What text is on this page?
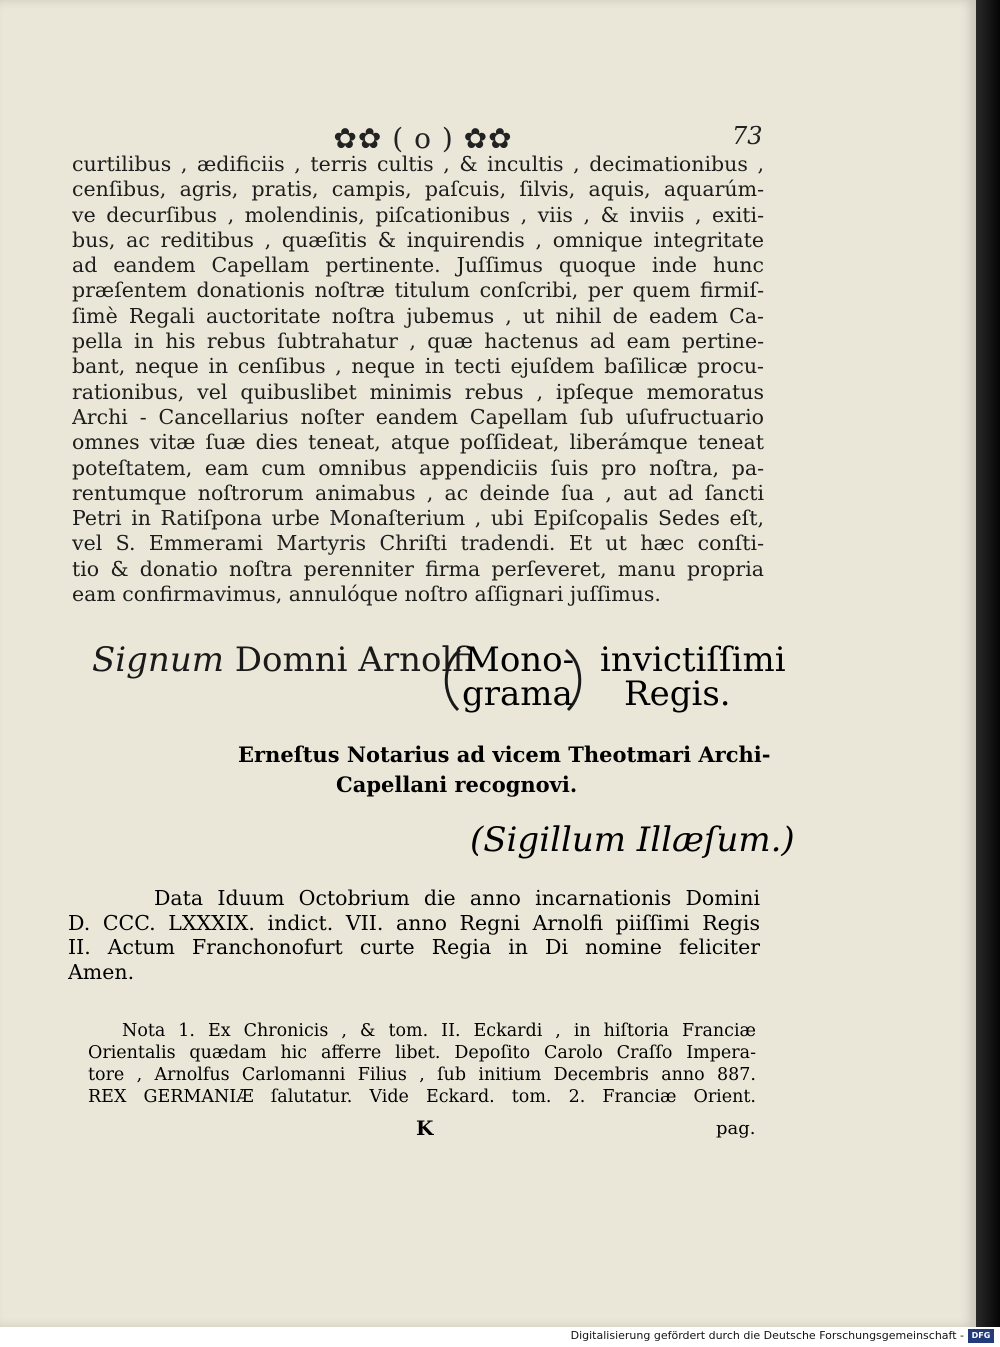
✿✿ ( o ) ✿✿	73
curtilibus , ædificiis , terris cultis , & incultis , decimationibus ,
cenſibus, agris, pratis, campis, paſcuis, ſilvis, aquis, aquarúm-
ve decurſibus , molendinis, piſcationibus , viis , & inviis , exiti-
bus, ac reditibus , quæſitis & inquirendis , omnique integritate
ad eandem Capellam pertinente. Juſſimus quoque inde hunc
præſentem donationis noſtræ titulum conſcribi, per quem firmiſ-
ſimè Regali auctoritate noſtra jubemus , ut nihil de eadem Ca-
pella in his rebus ſubtrahatur , quæ hactenus ad eam pertine-
bant, neque in cenſibus , neque in tecti ejuſdem baſilicæ procu-
rationibus, vel quibuslibet minimis rebus , ipſeque memoratus
Archi - Cancellarius noſter eandem Capellam ſub uſufructuario
omnes vitæ ſuæ dies teneat, atque poſſideat, liberámque teneat
poteſtatem, eam cum omnibus appendiciis ſuis pro noſtra, pa-
rentumque noſtrorum animabus , ac deinde ſua , aut ad ſancti
Petri in Ratiſpona urbe Monaſterium , ubi Epiſcopalis Sedes eſt,
vel S. Emmerami Martyris Chriſti tradendi. Et ut hæc conſti-
tio & donatio noſtra perenniter firma perſeveret, manu propria
eam confirmavimus, annulóque noſtro aſſignari juſſimus.
Signum Domni Arnolfi
Mono-
grama
invictiſſimi
Regis.
Erneſtus Notarius ad vicem Theotmari Archi-
Capellani recognovi.
(Sigillum Illæſum.)
Data Iduum Octobrium die anno incarnationis Domini
D. CCC. LXXXIX. indict. VII. anno Regni Arnolfi piiſſimi Regis
II. Actum Franchonofurt curte Regia in Di nomine feliciter
Amen.
Nota 1. Ex Chronicis , & tom. II. Eckardi , in hiſtoria Franciæ
Orientalis quædam hic afferre libet. Depoſito Carolo Craſſo Impera-
tore , Arnolfus Carlomanni Filius , ſub initium Decembris anno 887.
REX GERMANIÆ ſalutatur. Vide Eckard. tom. 2. Franciæ Orient.
K	pag.
Digitalisierung gefördert durch die Deutsche Forschungsgemeinschaft - DFG
